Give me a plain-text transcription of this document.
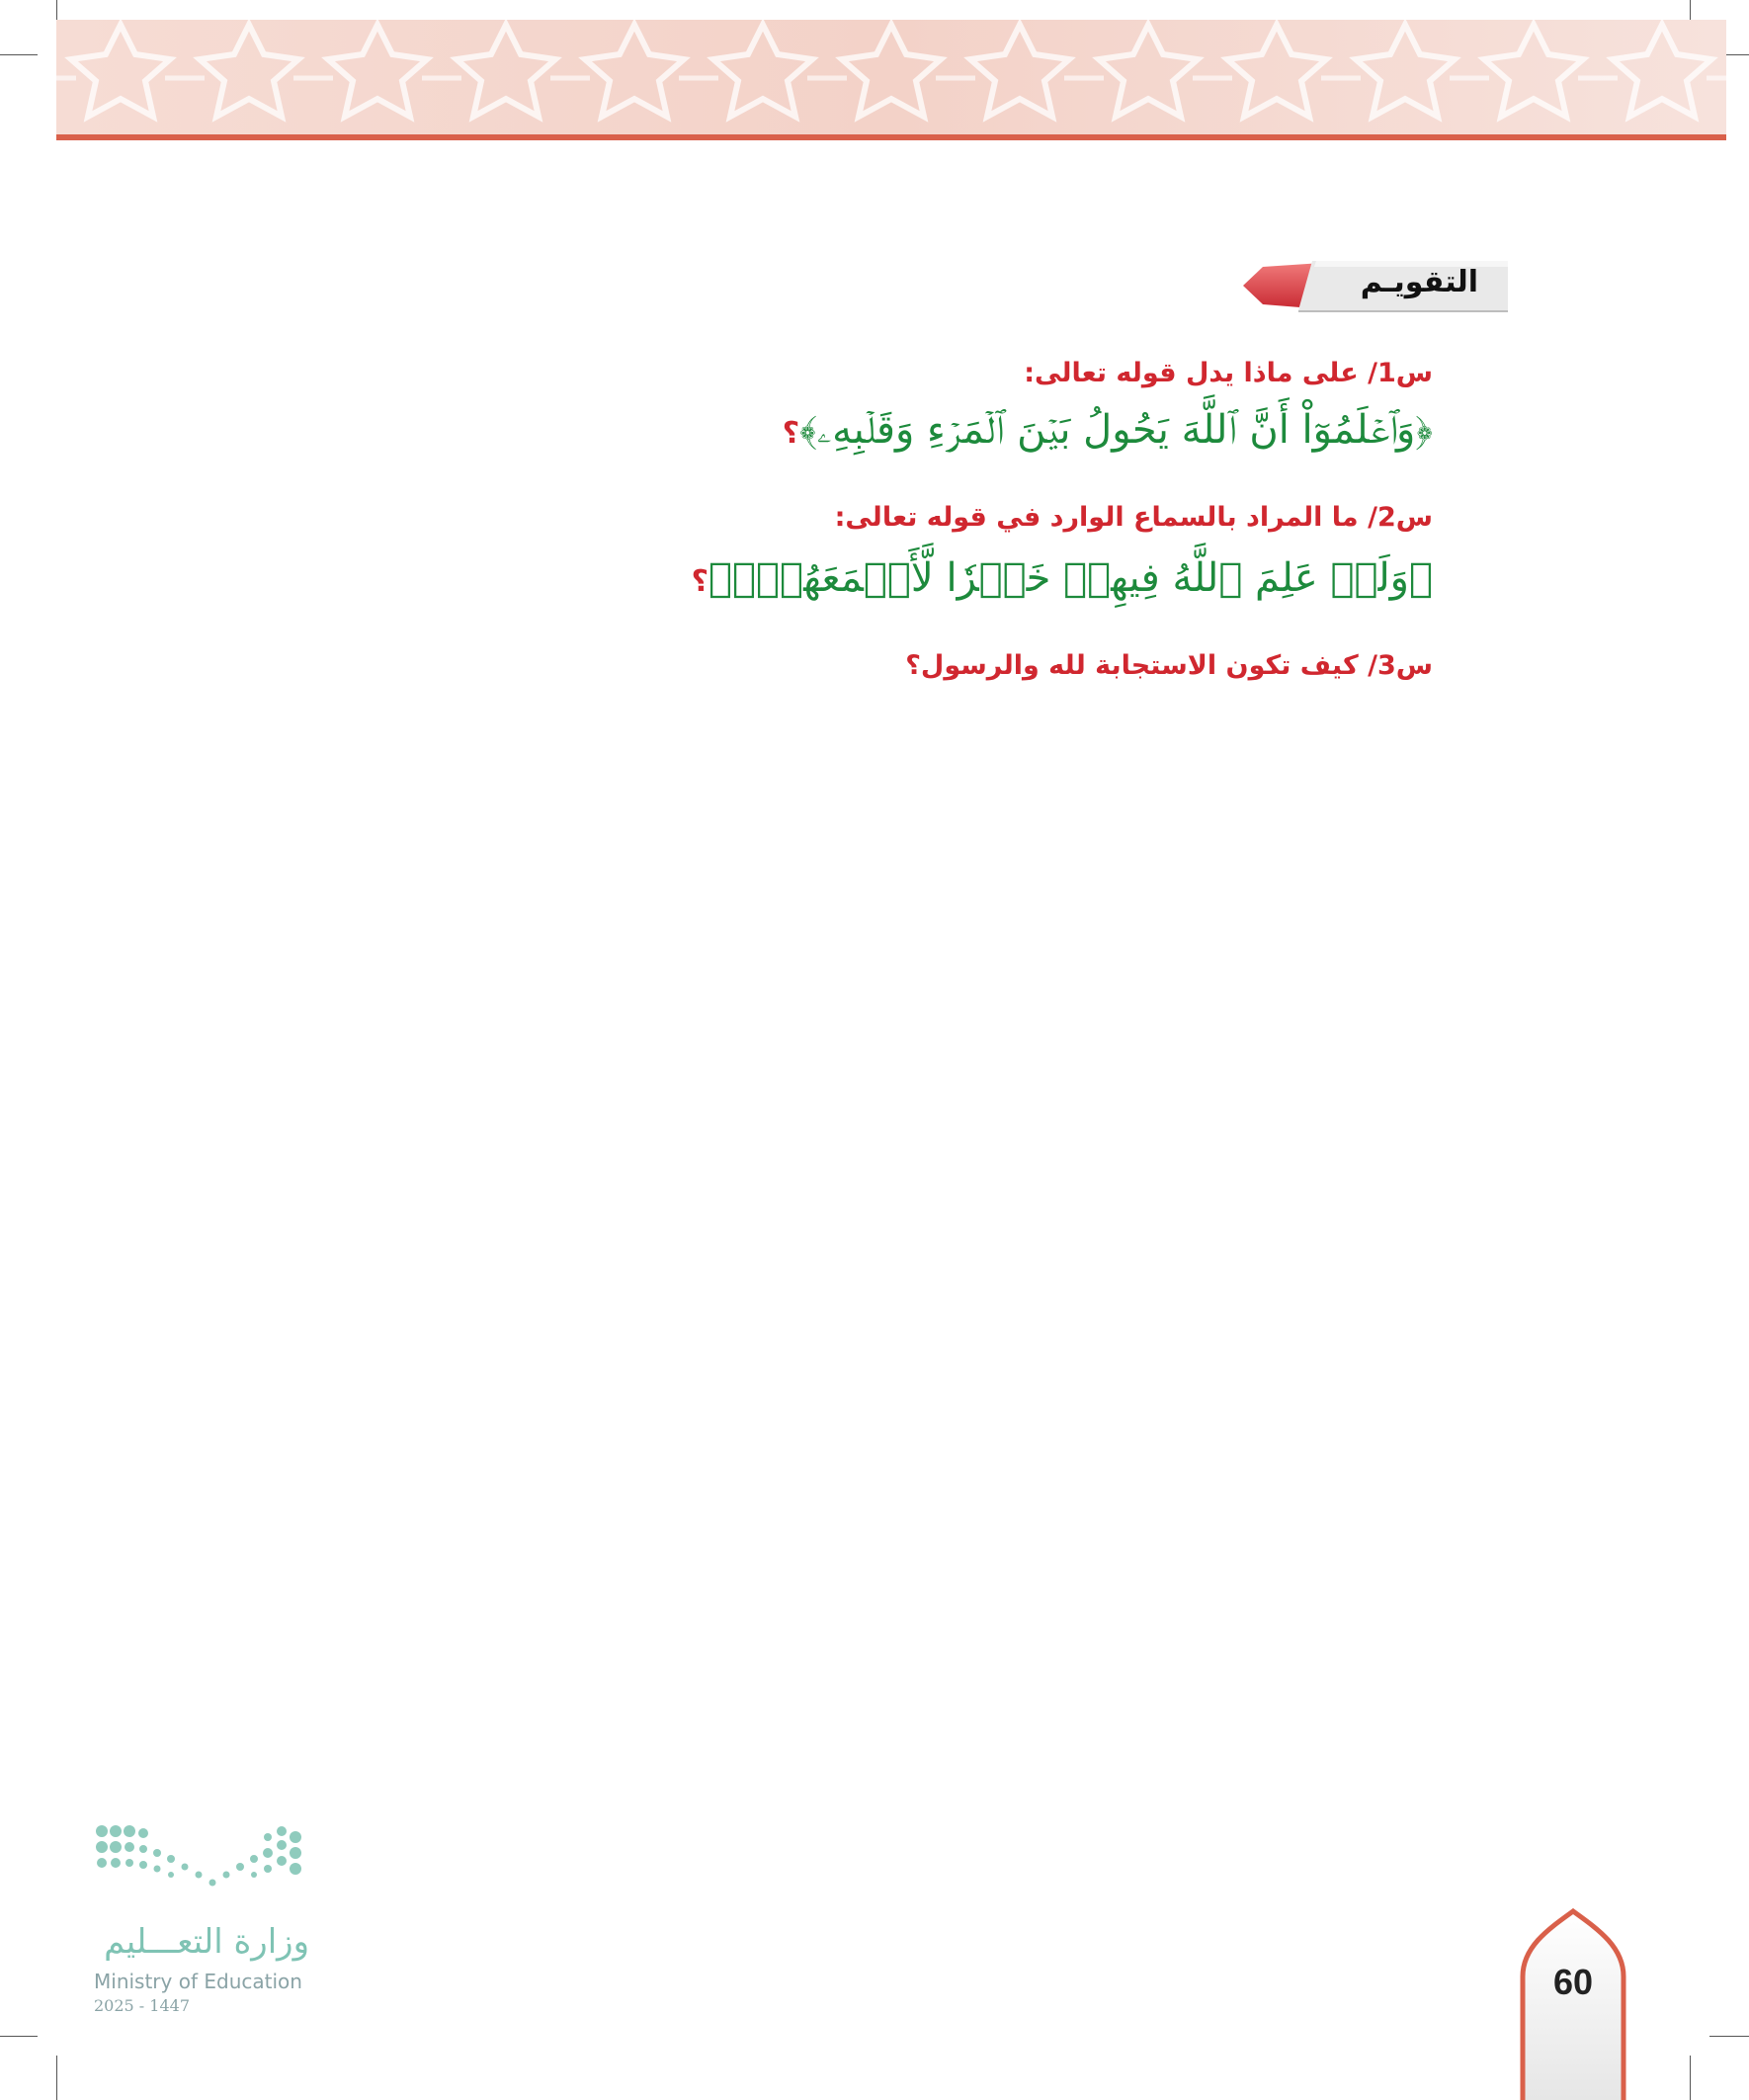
التقويـم
س1/ على ماذا يدل قوله تعالى:
﴿وَٱعۡلَمُوٓاْ أَنَّ ٱللَّهَ يَحُولُ بَيۡنَ ٱلۡمَرۡءِ وَقَلۡبِهِۦ﴾؟
س2/ ما المراد بالسماع الوارد في قوله تعالى:
﴿وَلَوۡ عَلِمَ ٱللَّهُ فِيهِمۡ خَيۡرٗا لَّأَسۡمَعَهُمۡۖ﴾؟
س3/ كيف تكون الاستجابة لله والرسول؟
وزارة التعـــليم
Ministry of Education
2025 - 1447
60
